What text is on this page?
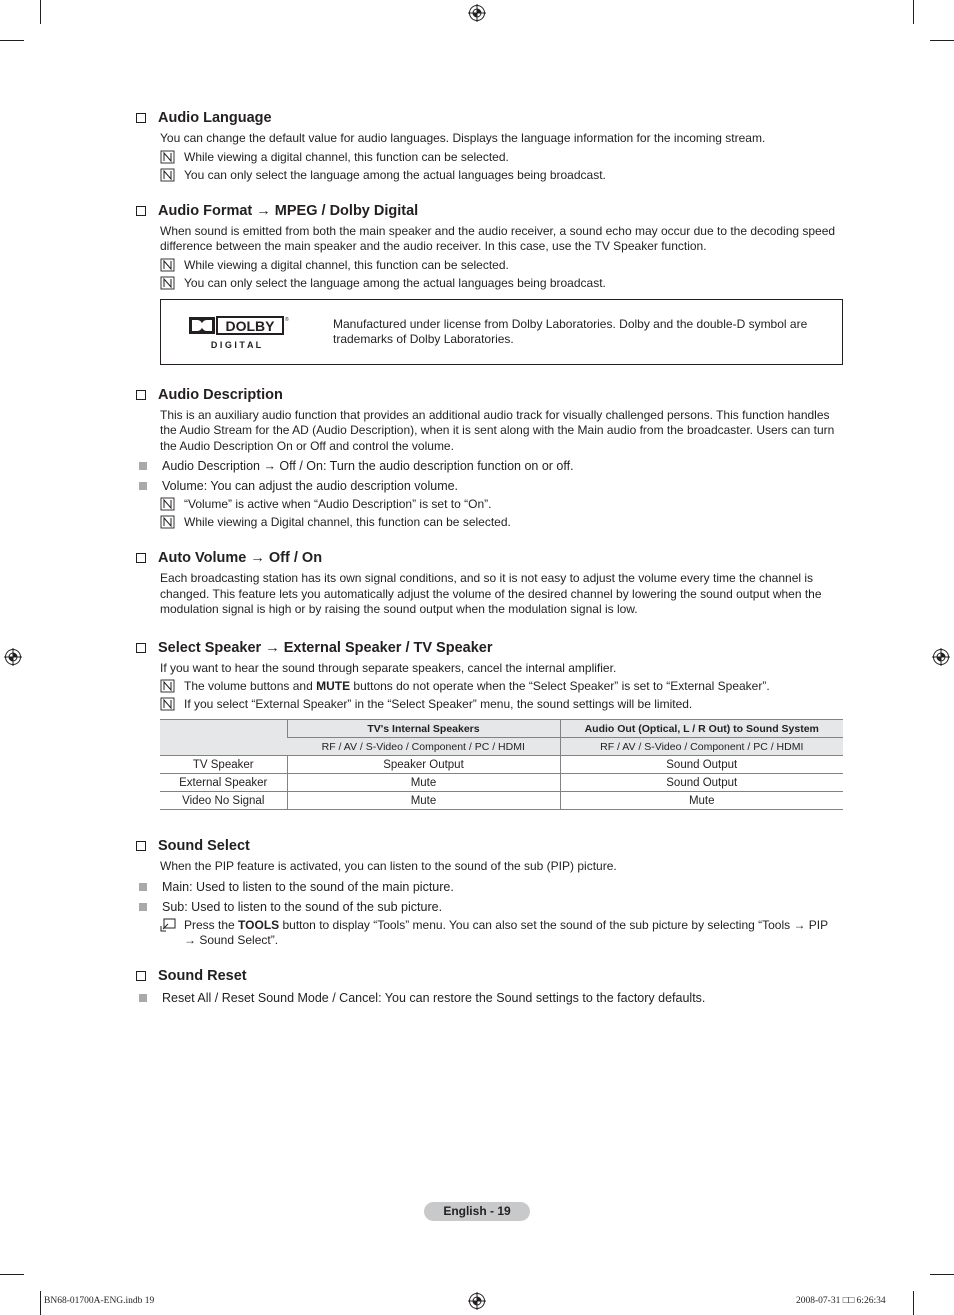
Audio Language

You can change the default value for audio languages. Displays the language information for the incoming stream.

While viewing a digital channel, this function can be selected.
You can only select the language among the actual languages being broadcast.
Audio Format → MPEG / Dolby Digital

When sound is emitted from both the main speaker and the audio receiver, a sound echo may occur due to the decoding speed difference between the main speaker and the audio receiver. In this case, use the TV Speaker function.

While viewing a digital channel, this function can be selected.
You can only select the language among the actual languages being broadcast.
DOLBY ®
D I G I T A L
Manufactured under license from Dolby Laboratories. Dolby and the double-D symbol are trademarks of Dolby Laboratories.
Audio Description

This is an auxiliary audio function that provides an additional audio track for visually challenged persons. This function handles the Audio Stream for the AD (Audio Description), when it is sent along with the Main audio from the broadcaster. Users can turn the Audio Description On or Off and control the volume.

Audio Description → Off / On: Turn the audio description function on or off.
Volume: You can adjust the audio description volume.
“Volume” is active when “Audio Description” is set to “On”.
While viewing a Digital channel, this function can be selected.
Auto Volume → Off / On

Each broadcasting station has its own signal conditions, and so it is not easy to adjust the volume every time the channel is changed. This feature lets you automatically adjust the volume of the desired channel by lowering the sound output when the modulation signal is high or by raising the sound output when the modulation signal is low.

Select Speaker → External Speaker / TV Speaker

If you want to hear the sound through separate speakers, cancel the internal amplifier.

The volume buttons and MUTE buttons do not operate when the “Select Speaker” is set to “External Speaker”.
If you select “External Speaker” in the “Select Speaker” menu, the sound settings will be limited.
	TV's Internal Speakers	Audio Out (Optical, L / R Out) to Sound System
	RF / AV / S-Video / Component / PC / HDMI	RF / AV / S-Video / Component / PC / HDMI
TV Speaker	Speaker Output	Sound Output
External Speaker	Mute	Sound Output
Video No Signal	Mute	Mute
Sound Select

When the PIP feature is activated, you can listen to the sound of the sub (PIP) picture.

Main: Used to listen to the sound of the main picture.
Sub: Used to listen to the sound of the sub picture.
Press the TOOLS button to display “Tools” menu. You can also set the sound of the sub picture by selecting “Tools → PIP → Sound Select”.
Sound Reset
Reset All / Reset Sound Mode / Cancel: You can restore the Sound settings to the factory defaults.
English - 19
BN68-01700A-ENG.indb 19	2008-07-31 □□ 6:26:34
